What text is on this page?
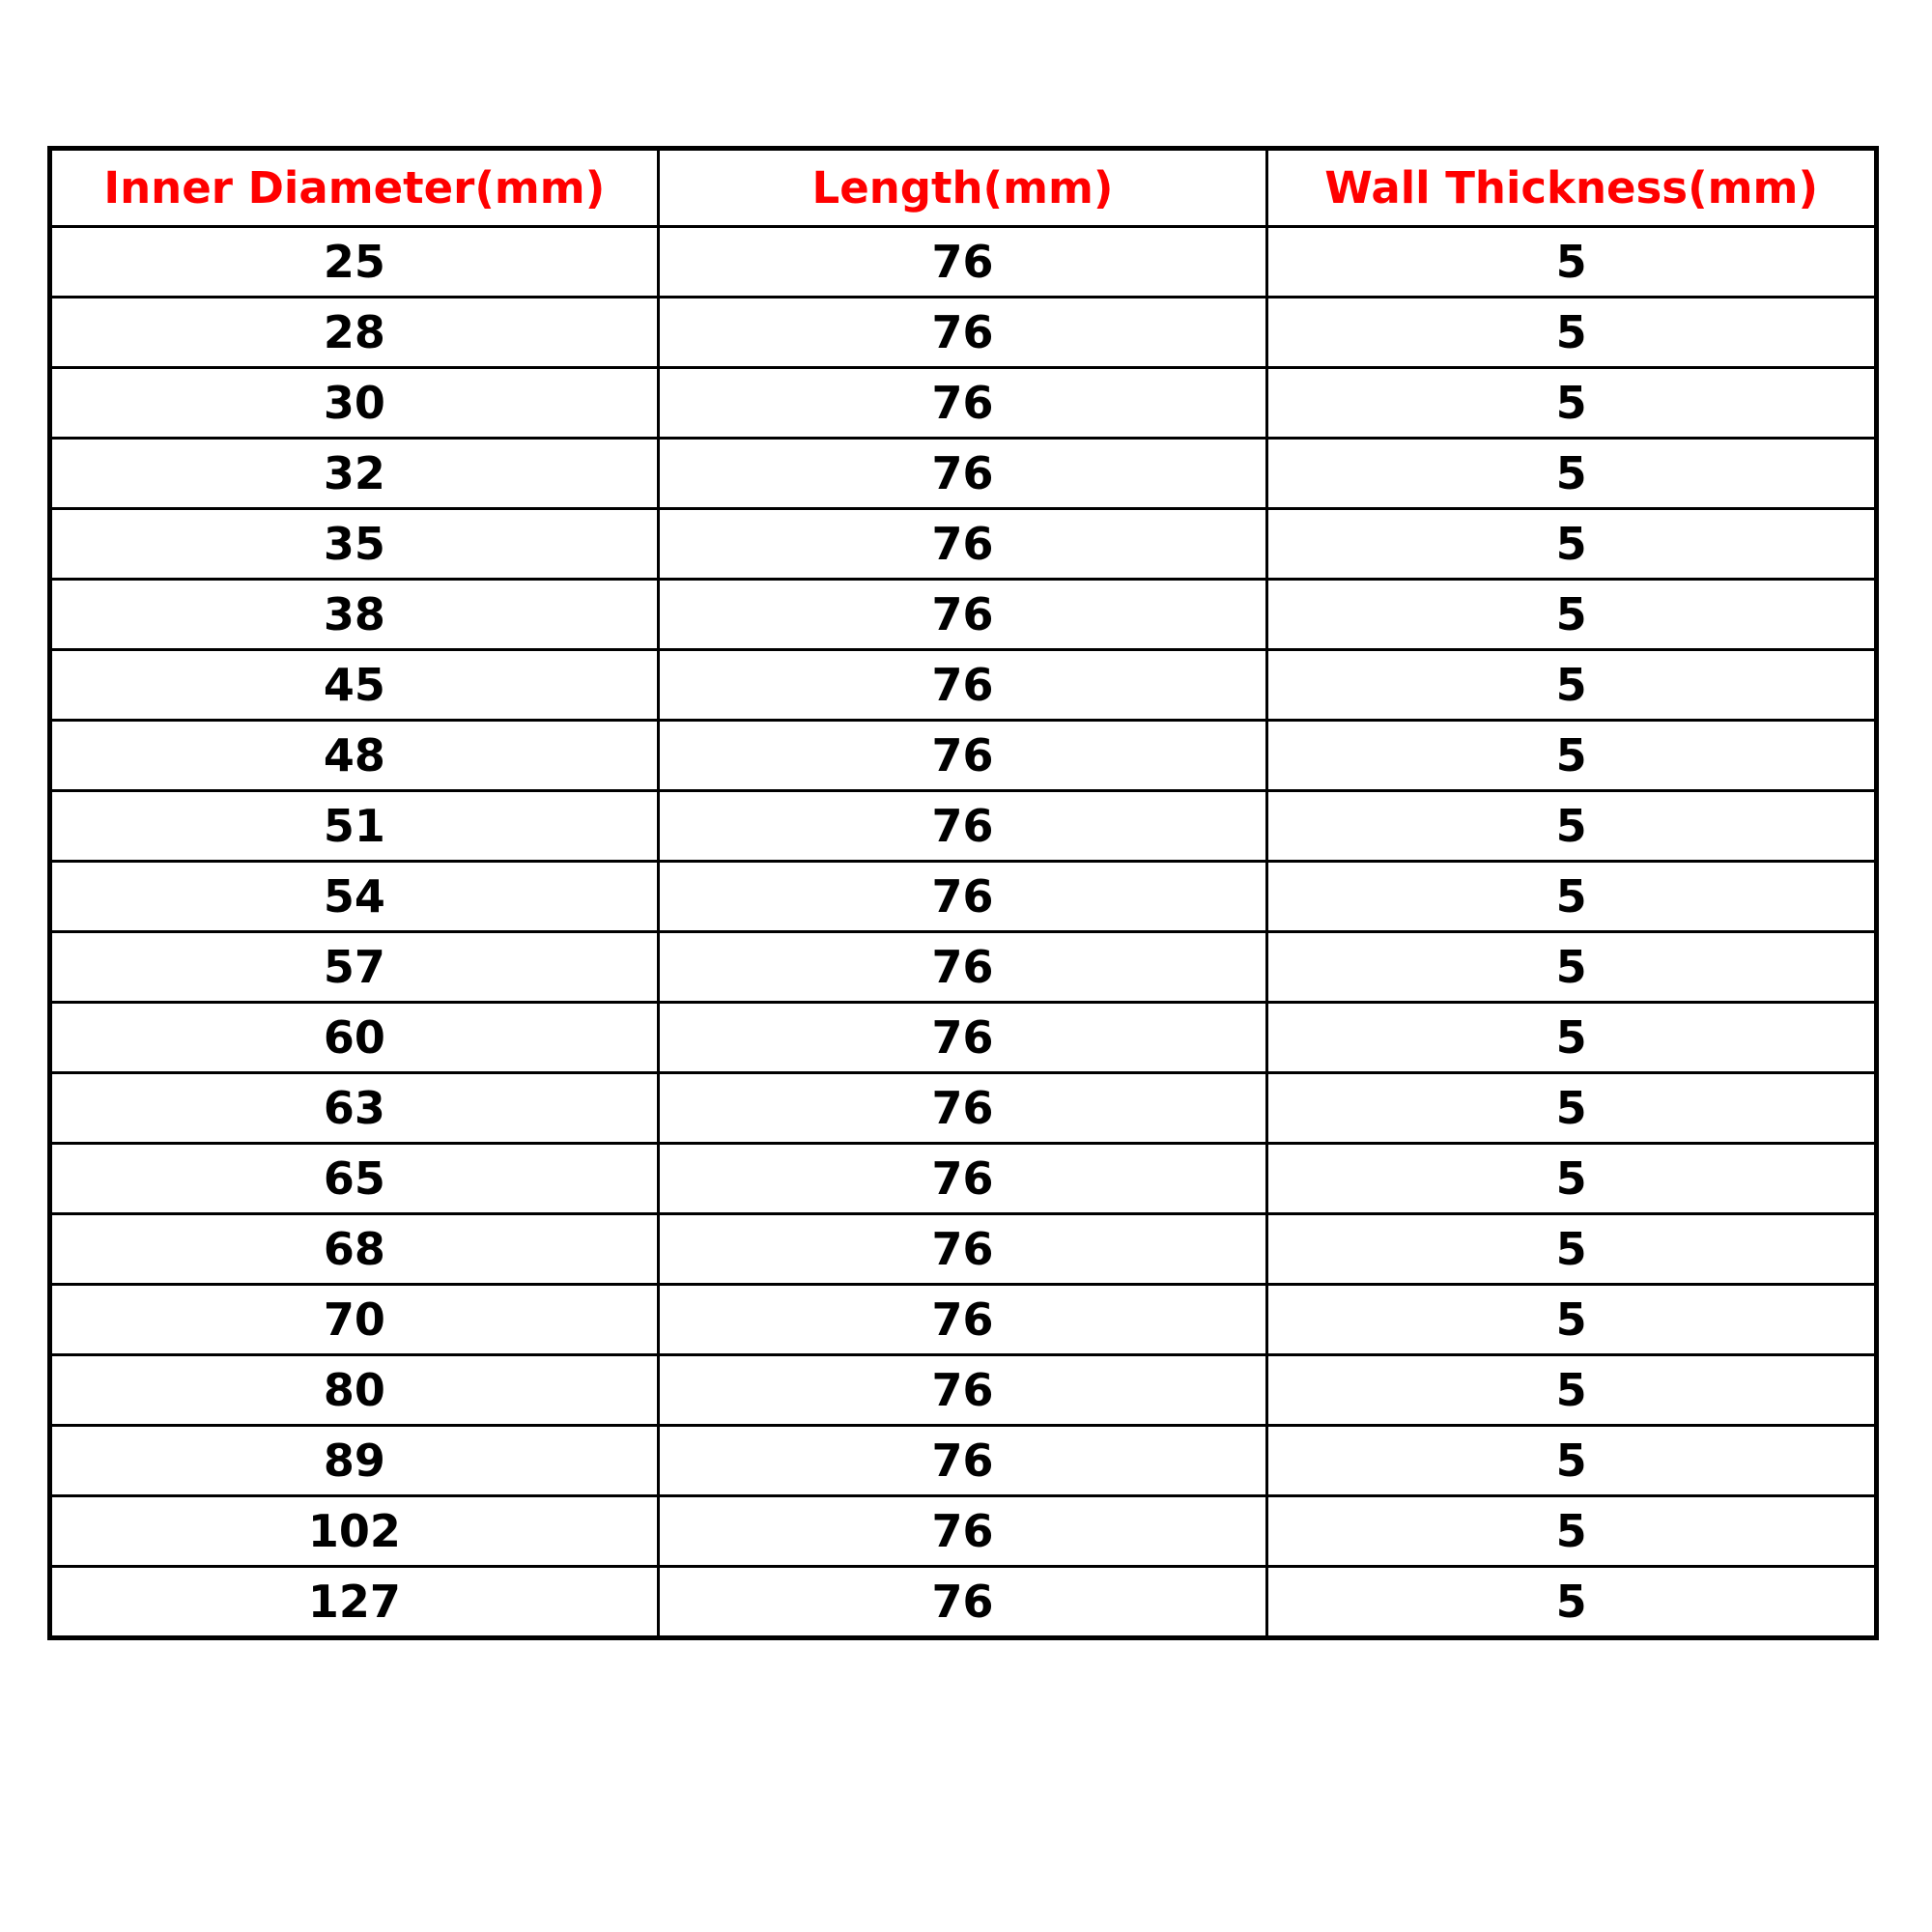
Inner Diameter(mm)	Length(mm)	Wall Thickness(mm)
25	76	5
28	76	5
30	76	5
32	76	5
35	76	5
38	76	5
45	76	5
48	76	5
51	76	5
54	76	5
57	76	5
60	76	5
63	76	5
65	76	5
68	76	5
70	76	5
80	76	5
89	76	5
102	76	5
127	76	5
